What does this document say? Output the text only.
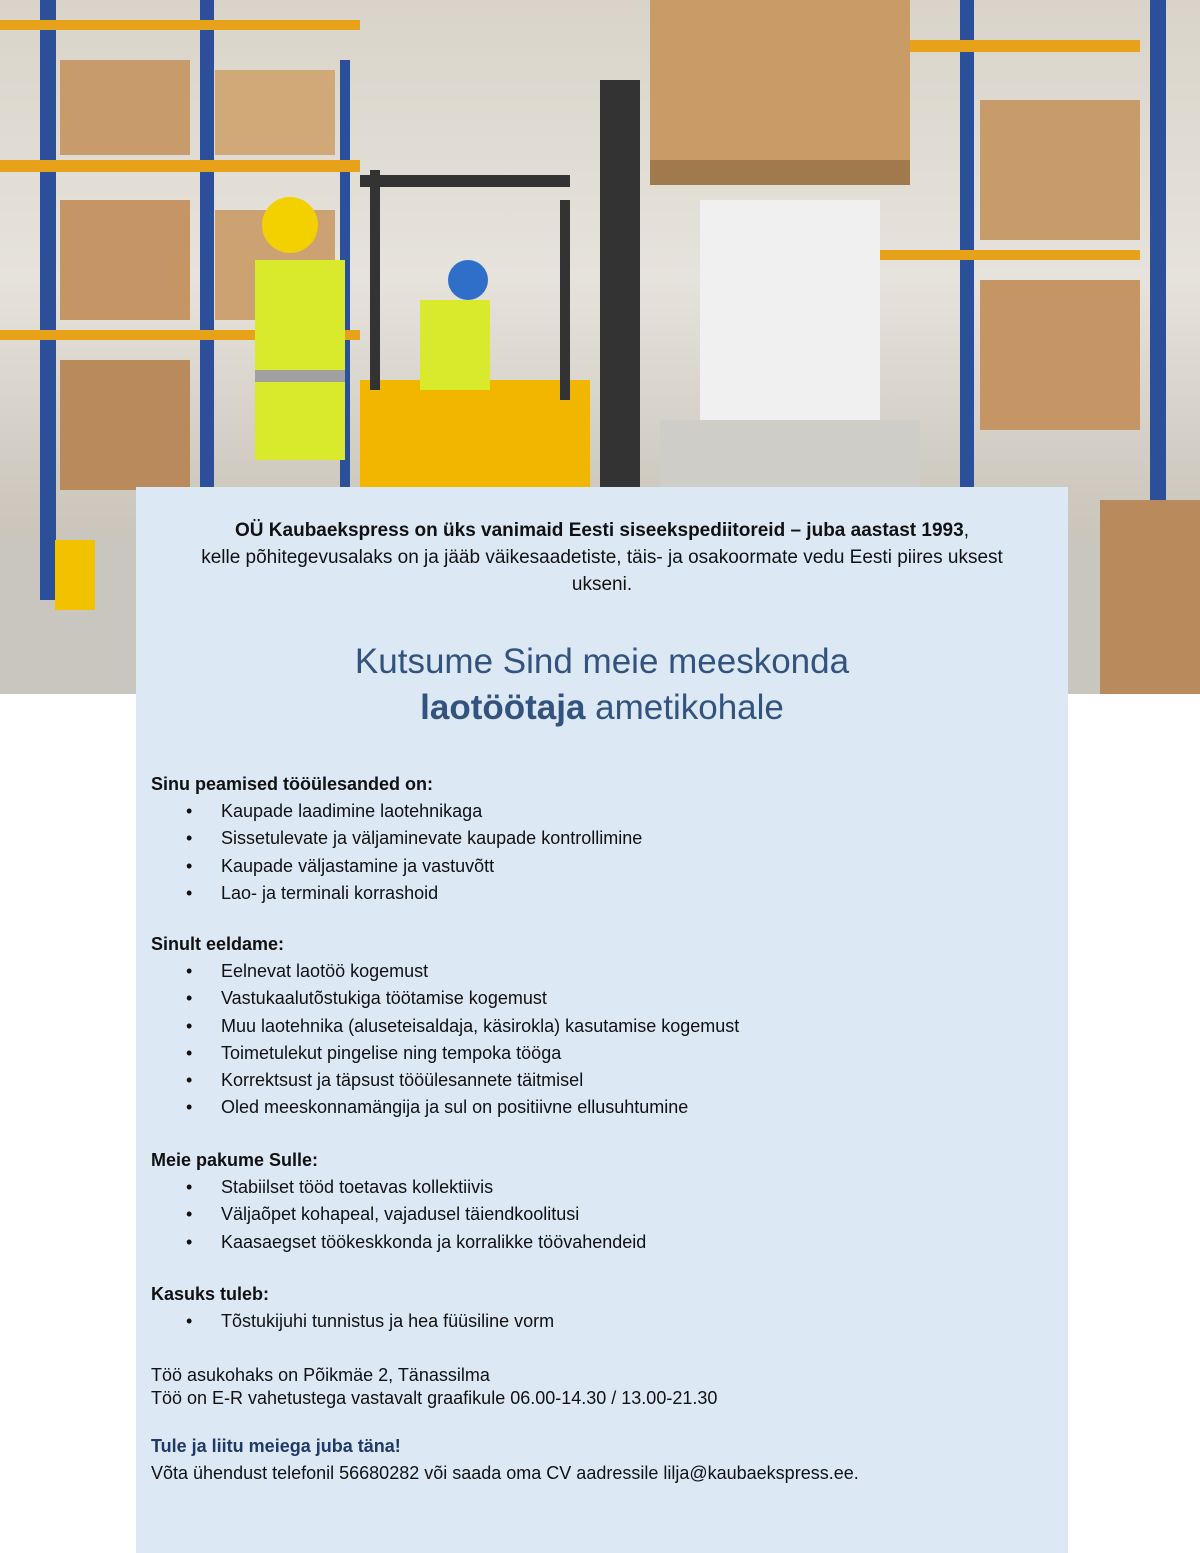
OÜ Kaubaekspress on üks vanimaid Eesti siseekspediitoreid – juba aastast 1993,
kelle põhitegevusalaks on ja jääb väikesaadetiste, täis- ja osakoormate vedu Eesti piires uksest ukseni.
Kutsume Sind meie meeskonda
laotöötaja ametikohale
Sinu peamised tööülesanded on:
• Kaupade laadimine laotehnikaga
• Sissetulevate ja väljaminevate kaupade kontrollimine
• Kaupade väljastamine ja vastuvõtt
• Lao- ja terminali korrashoid
Sinult eeldame:
• Eelnevat laotöö kogemust
• Vastukaalutõstukiga töötamise kogemust
• Muu laotehnika (aluseteisaldaja, käsirokla) kasutamise kogemust
• Toimetulekut pingelise ning tempoka tööga
• Korrektsust ja täpsust tööülesannete täitmisel
• Oled meeskonnamängija ja sul on positiivne ellusuhtumine
Meie pakume Sulle:
• Stabiilset tööd toetavas kollektiivis
• Väljaõpet kohapeal, vajadusel täiendkoolitusi
• Kaasaegset töökeskkonda ja korralikke töövahendeid
Kasuks tuleb:
• Tõstukijuhi tunnistus ja hea füüsiline vorm
Töö asukohaks on Põikmäe 2, Tänassilma
Töö on E-R vahetustega vastavalt graafikule 06.00-14.30 / 13.00-21.30
Tule ja liitu meiega juba täna!
Võta ühendust telefonil 56680282 või saada oma CV aadressile lilja@kaubaekspress.ee.
